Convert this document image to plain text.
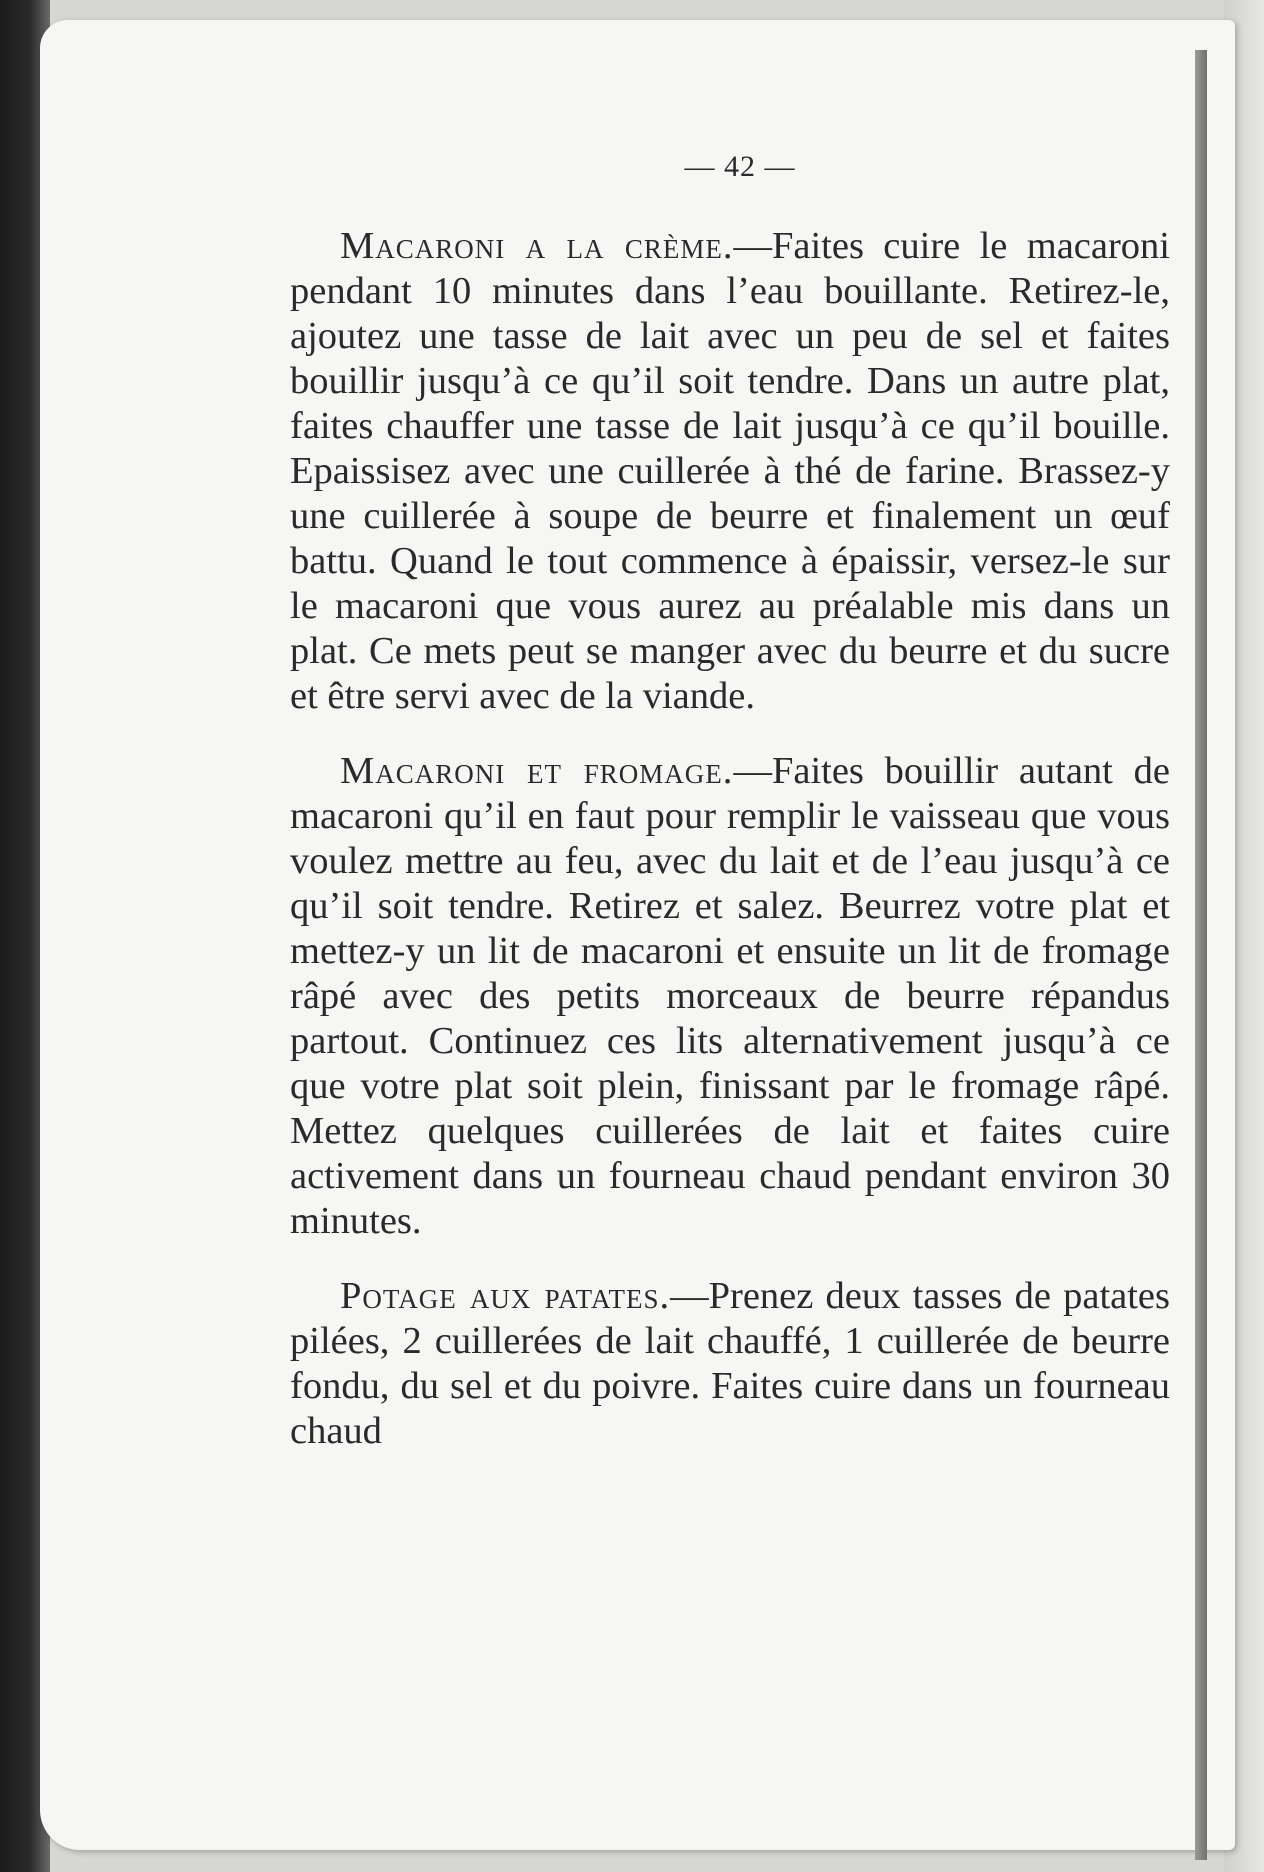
— 42 —

Macaroni a la crème.—Faites cuire le macaroni pendant 10 minutes dans l’eau bouillante. Retirez-le, ajoutez une tasse de lait avec un peu de sel et faites bouillir jusqu’à ce qu’il soit tendre. Dans un autre plat, faites chauffer une tasse de lait jusqu’à ce qu’il bouille. Epaissisez avec une cuillerée à thé de farine. Brassez-y une cuillerée à soupe de beurre et finalement un œuf battu. Quand le tout commence à épaissir, versez-le sur le macaroni que vous aurez au préalable mis dans un plat. Ce mets peut se manger avec du beurre et du sucre et être servi avec de la viande.

Macaroni et fromage.—Faites bouillir autant de macaroni qu’il en faut pour remplir le vaisseau que vous voulez mettre au feu, avec du lait et de l’eau jusqu’à ce qu’il soit tendre. Retirez et salez. Beurrez votre plat et mettez-y un lit de macaroni et ensuite un lit de fromage râpé avec des petits morceaux de beurre répandus partout. Continuez ces lits alternativement jusqu’à ce que votre plat soit plein, finissant par le fromage râpé. Mettez quelques cuillerées de lait et faites cuire activement dans un fourneau chaud pendant environ 30 minutes.

Potage aux patates.—Prenez deux tasses de patates pilées, 2 cuillerées de lait chauffé, 1 cuillerée de beurre fondu, du sel et du poivre. Faites cuire dans un fourneau chaud
